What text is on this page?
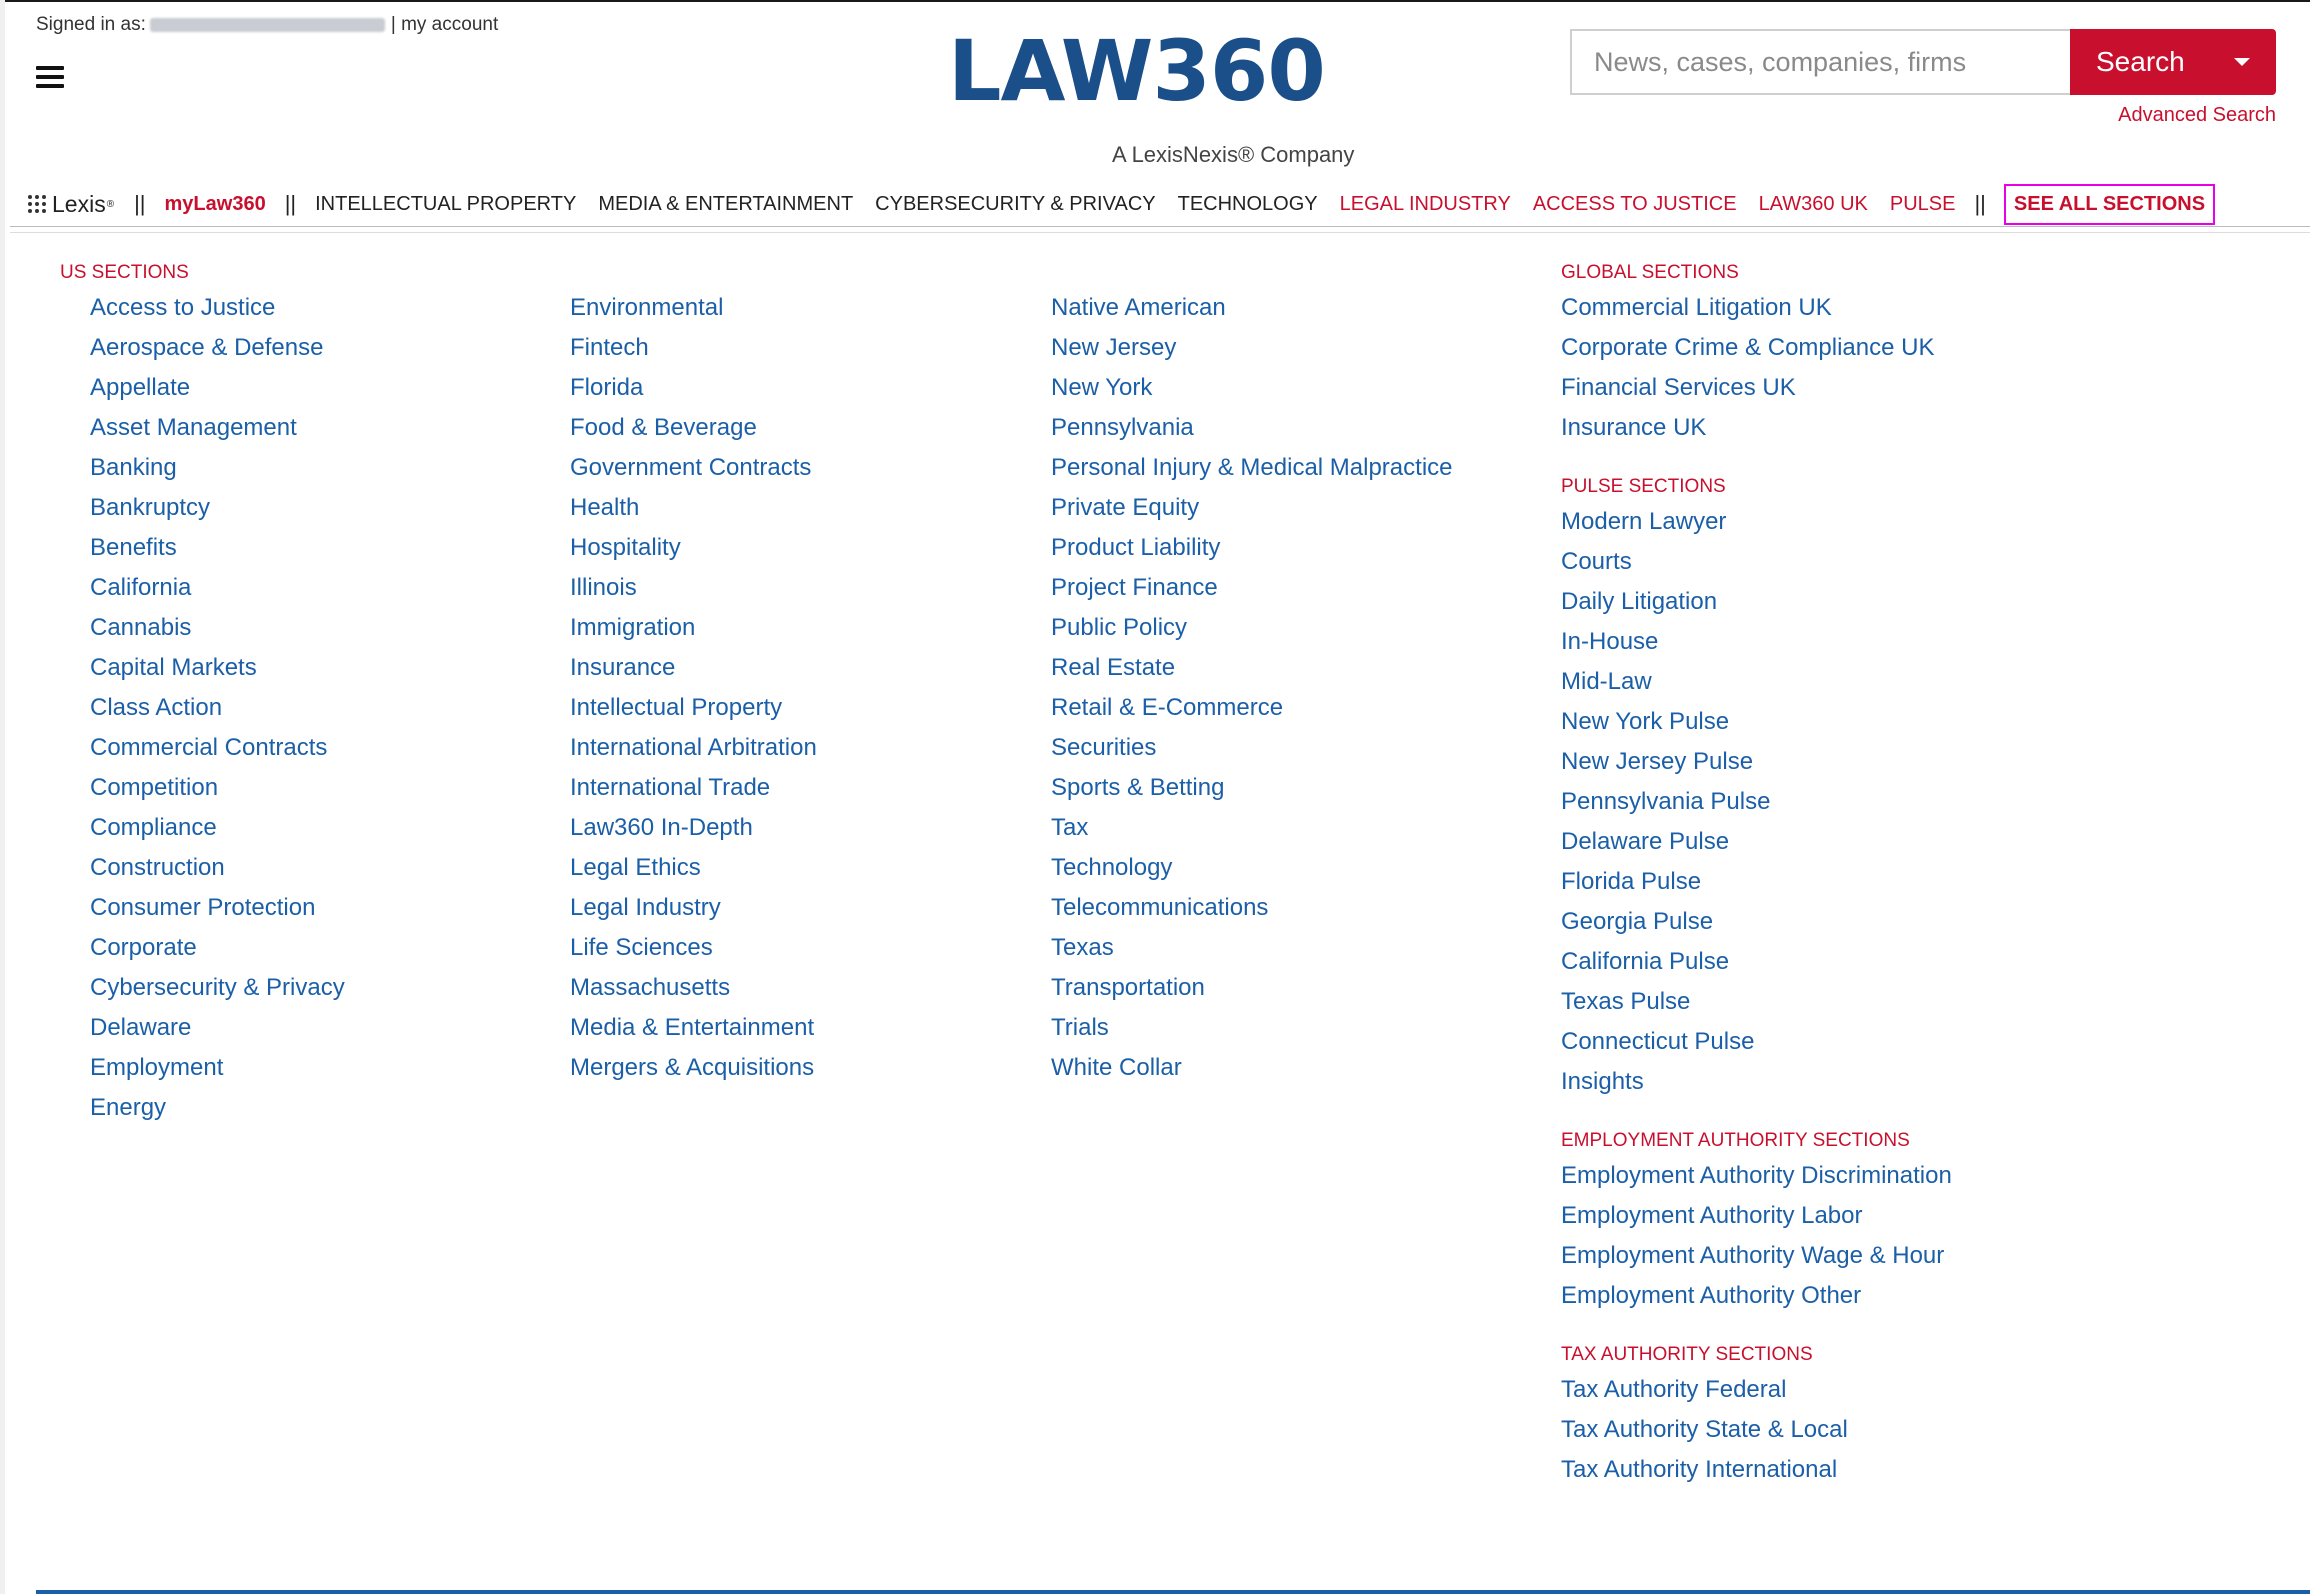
Signed in as:	| my account	LAW360
A LexisNexis® Company
News, cases, companies, firms
Search
Advanced Search
Lexis ® || myLaw360 || INTELLECTUAL PROPERTY	MEDIA & ENTERTAINMENT	CYBERSECURITY & PRIVACY	TECHNOLOGY	LEGAL INDUSTRY	ACCESS TO JUSTICE	LAW360 UK	PULSE ||	SEE ALL SECTIONS
US SECTIONS
Access to Justice
Aerospace & Defense
Appellate
Asset Management
Banking
Bankruptcy
Benefits
California
Cannabis
Capital Markets
Class Action
Commercial Contracts
Competition
Compliance
Construction
Consumer Protection
Corporate
Cybersecurity & Privacy
Delaware
Employment
Energy
Environmental
Fintech
Florida
Food & Beverage
Government Contracts
Health
Hospitality
Illinois
Immigration
Insurance
Intellectual Property
International Arbitration
International Trade
Law360 In-Depth
Legal Ethics
Legal Industry
Life Sciences
Massachusetts
Media & Entertainment
Mergers & Acquisitions
Native American
New Jersey
New York
Pennsylvania
Personal Injury & Medical Malpractice
Private Equity
Product Liability
Project Finance
Public Policy
Real Estate
Retail & E-Commerce
Securities
Sports & Betting
Tax
Technology
Telecommunications
Texas
Transportation
Trials
White Collar
GLOBAL SECTIONS
Commercial Litigation UK
Corporate Crime & Compliance UK
Financial Services UK
Insurance UK
PULSE SECTIONS
Modern Lawyer
Courts
Daily Litigation
In-House
Mid-Law
New York Pulse
New Jersey Pulse
Pennsylvania Pulse
Delaware Pulse
Florida Pulse
Georgia Pulse
California Pulse
Texas Pulse
Connecticut Pulse
Insights
EMPLOYMENT AUTHORITY SECTIONS
Employment Authority Discrimination
Employment Authority Labor
Employment Authority Wage & Hour
Employment Authority Other
TAX AUTHORITY SECTIONS
Tax Authority Federal
Tax Authority State & Local
Tax Authority International
